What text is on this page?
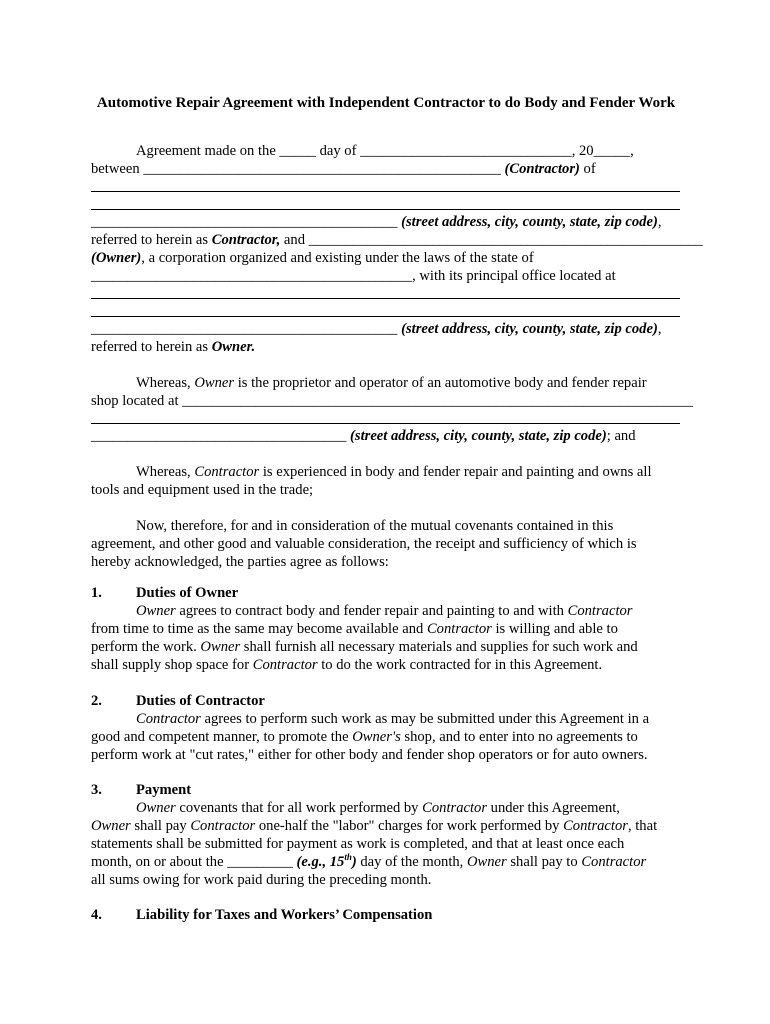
Automotive Repair Agreement with Independent Contractor to do Body and Fender Work
Agreement made on the _____ day of _____________________________, 20_____,
between _________________________________________________ (Contractor) of
__________________________________________ (street address, city, county, state, zip code),
referred to herein as Contractor, and ______________________________________________________
(Owner), a corporation organized and existing under the laws of the state of
____________________________________________, with its principal office located at
__________________________________________ (street address, city, county, state, zip code),
referred to herein as Owner.
Whereas, Owner is the proprietor and operator of an automotive body and fender repair
shop located at ______________________________________________________________________
___________________________________ (street address, city, county, state, zip code); and
Whereas, Contractor is experienced in body and fender repair and painting and owns all
tools and equipment used in the trade;
Now, therefore, for and in consideration of the mutual covenants contained in this
agreement, and other good and valuable consideration, the receipt and sufficiency of which is
hereby acknowledged, the parties agree as follows:
1. Duties of Owner
Owner agrees to contract body and fender repair and painting to and with Contractor
from time to time as the same may become available and Contractor is willing and able to
perform the work. Owner shall furnish all necessary materials and supplies for such work and
shall supply shop space for Contractor to do the work contracted for in this Agreement.
2. Duties of Contractor
Contractor agrees to perform such work as may be submitted under this Agreement in a
good and competent manner, to promote the Owner's shop, and to enter into no agreements to
perform work at "cut rates," either for other body and fender shop operators or for auto owners.
3. Payment
Owner covenants that for all work performed by Contractor under this Agreement,
Owner shall pay Contractor one-half the "labor" charges for work performed by Contractor, that
statements shall be submitted for payment as work is completed, and that at least once each
month, on or about the _________ (e.g., 15th) day of the month, Owner shall pay to Contractor
all sums owing for work paid during the preceding month.
4. Liability for Taxes and Workers’ Compensation
